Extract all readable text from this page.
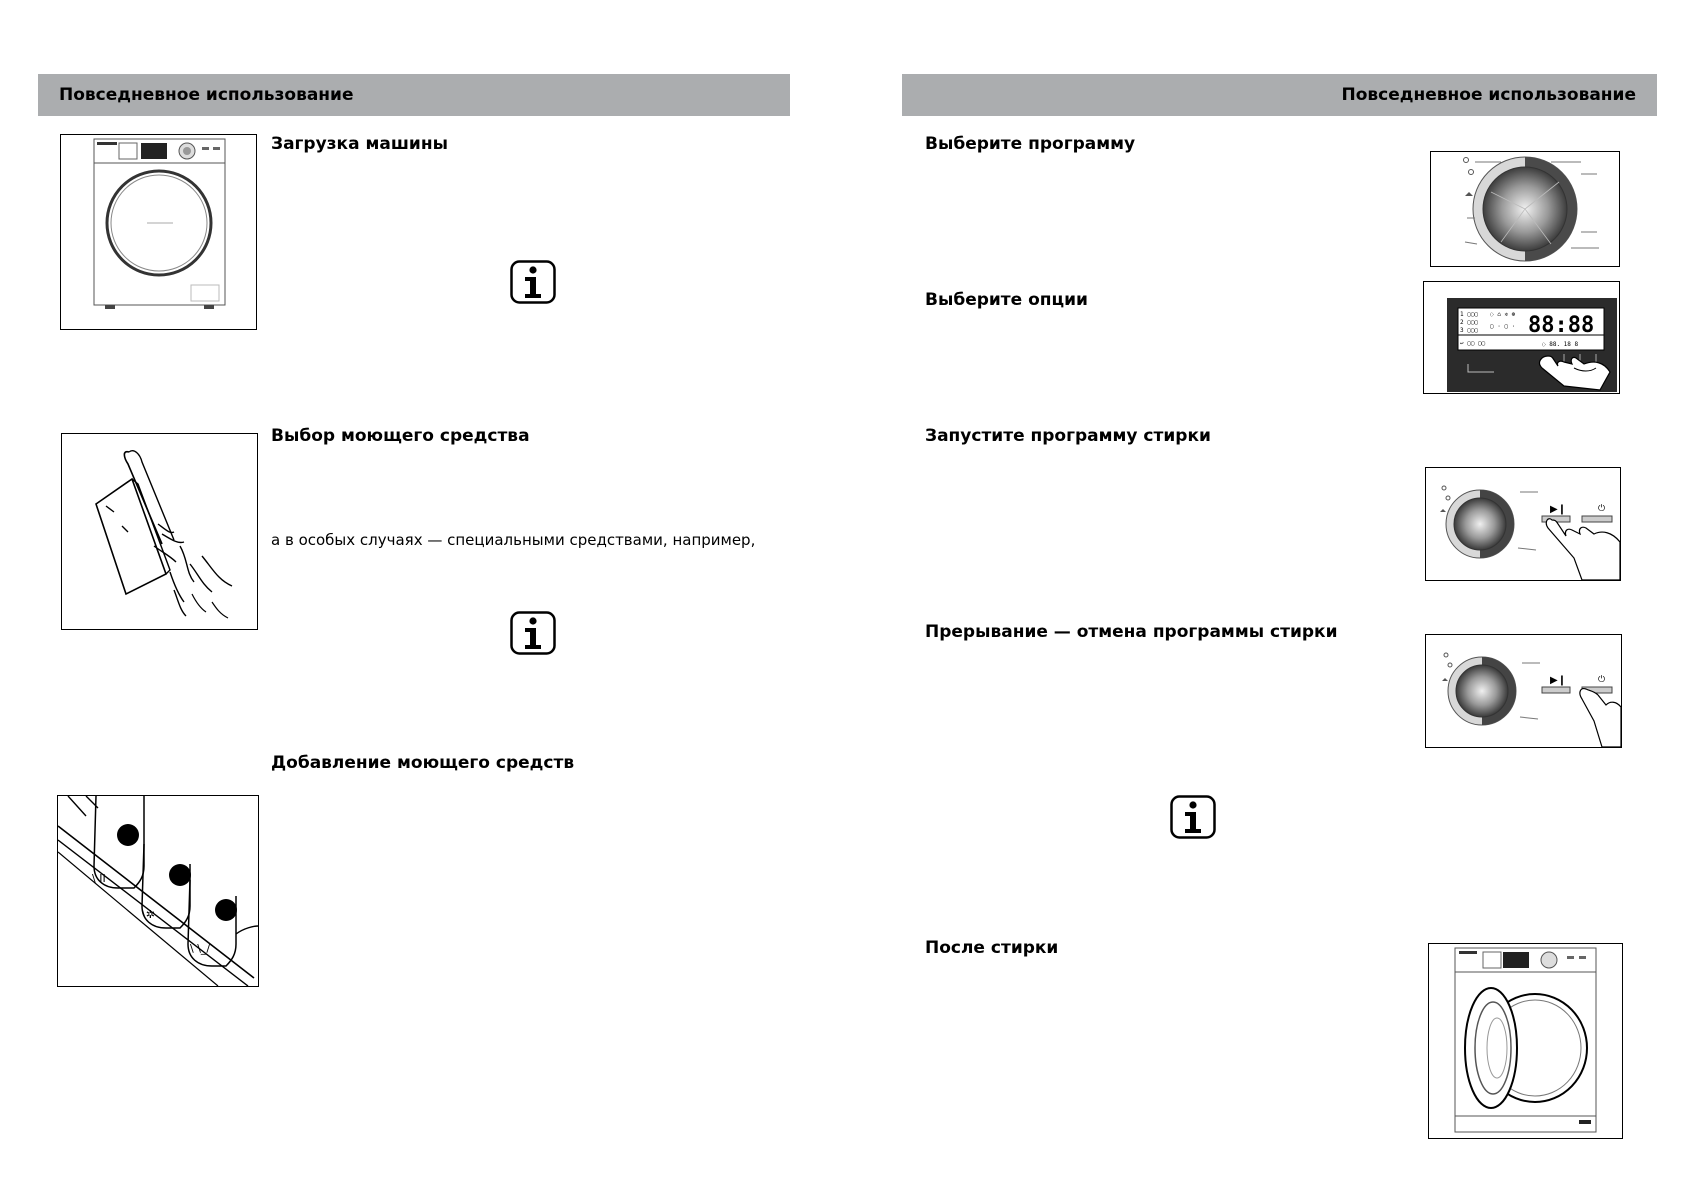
Повседневное использование
Загрузка машины
Выбор моющего средства
а в особых случаях — специальными средствами, например,
Добавление моющего средств
\ II
\✲
\ \_/
Повседневное использование
Выберите программу
Выберите опции
88:88
1 ▢▢▢
2 ▢▢▢
3 ▢▢▢
◌ ⌂ ✲ ⊛
▢ · ▢ ·
↩ ▢▢ ▢▢	◌ 88. 18 8
Запустите программу стирки
▶❙	⏻
Прерывание — отмена программы стирки
▶❙	⏻
После стирки
